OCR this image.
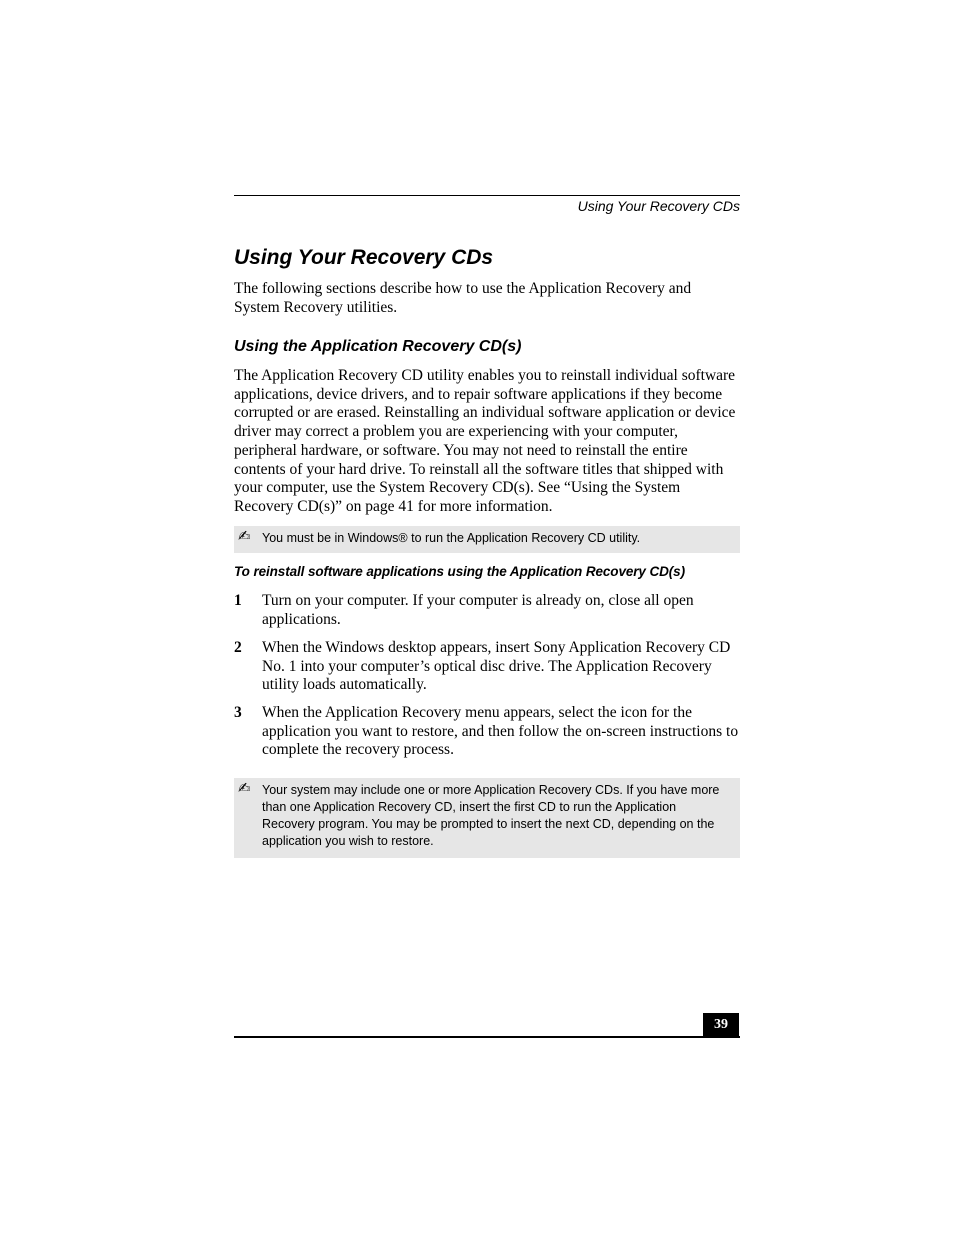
Using Your Recovery CDs
Using Your Recovery CDs

The following sections describe how to use the Application Recovery and System Recovery utilities.

Using the Application Recovery CD(s)

The Application Recovery CD utility enables you to reinstall individual software applications, device drivers, and to repair software applications if they become corrupted or are erased. Reinstalling an individual software application or device driver may correct a problem you are experiencing with your computer, peripheral hardware, or software. You may not need to reinstall the entire contents of your hard drive. To reinstall all the software titles that shipped with your computer, use the System Recovery CD(s). See “Using the System Recovery CD(s)” on page 41 for more information.

✍ You must be in Windows® to run the Application Recovery CD utility.
To reinstall software applications using the Application Recovery CD(s)
1 Turn on your computer. If your computer is already on, close all open applications.
2 When the Windows desktop appears, insert Sony Application Recovery CD No. 1 into your computer’s optical disc drive. The Application Recovery utility loads automatically.
3 When the Application Recovery menu appears, select the icon for the application you want to restore, and then follow the on-screen instructions to complete the recovery process.
✍ Your system may include one or more Application Recovery CDs. If you have more than one Application Recovery CD, insert the first CD to run the Application Recovery program. You may be prompted to insert the next CD, depending on the application you wish to restore.
39
